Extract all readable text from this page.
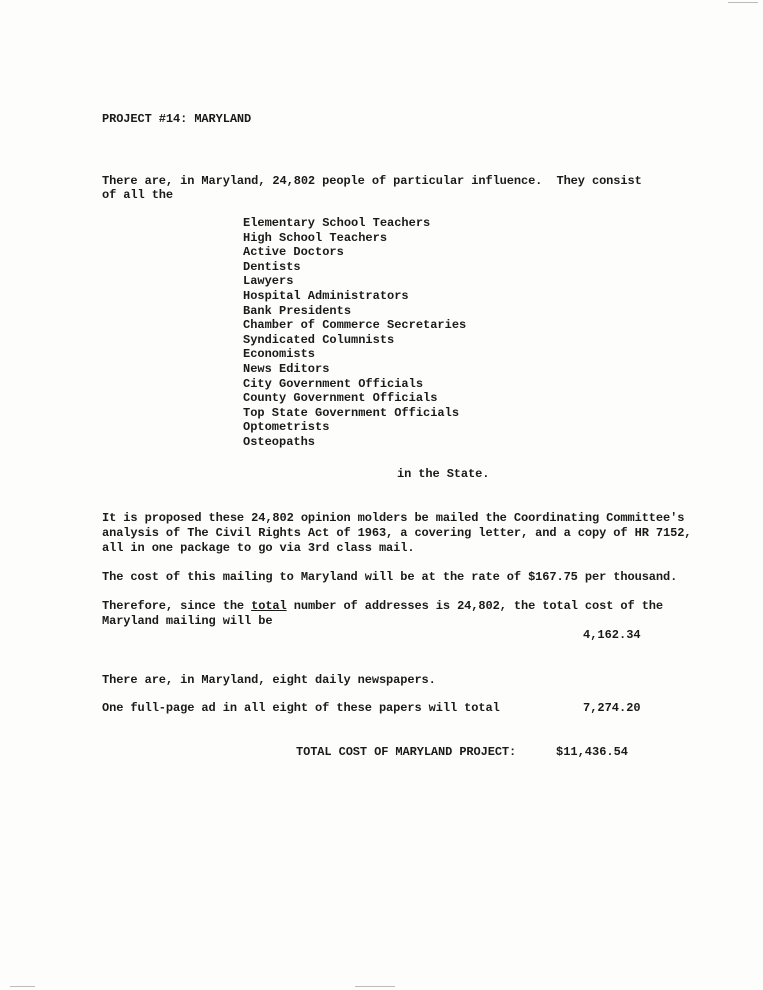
PROJECT #14: MARYLAND
There are, in Maryland, 24,802 people of particular influence.  They consist
of all the
Elementary School Teachers
High School Teachers
Active Doctors
Dentists
Lawyers
Hospital Administrators
Bank Presidents
Chamber of Commerce Secretaries
Syndicated Columnists
Economists
News Editors
City Government Officials
County Government Officials
Top State Government Officials
Optometrists
Osteopaths
in the State.
It is proposed these 24,802 opinion molders be mailed the Coordinating Committee's
analysis of The Civil Rights Act of 1963, a covering letter, and a copy of HR 7152,
all in one package to go via 3rd class mail.
The cost of this mailing to Maryland will be at the rate of $167.75 per thousand.
Therefore, since the total number of addresses is 24,802, the total cost of the
Maryland mailing will be
4,162.34
There are, in Maryland, eight daily newspapers.
One full-page ad in all eight of these papers will total	7,274.20
TOTAL COST OF MARYLAND PROJECT:	$11,436.54
